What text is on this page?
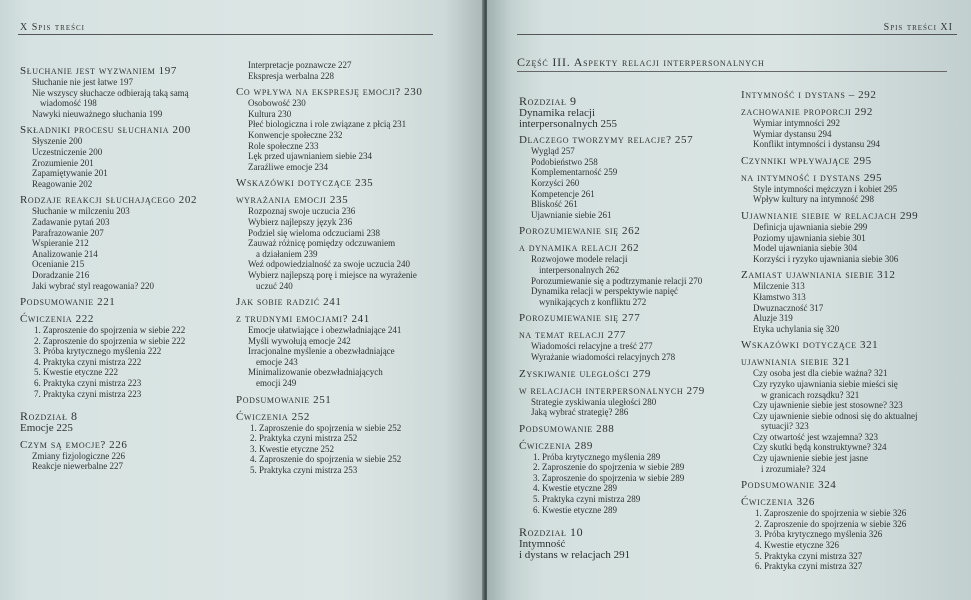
X Spis treści
Słuchanie jest wyzwaniem 197
Słuchanie nie jest łatwe 197
Nie wszyscy słuchacze odbierają taką samą
wiadomość 198
Nawyki nieuważnego słuchania 199
Składniki procesu słuchania 200
Słyszenie 200
Uczestniczenie 200
Zrozumienie 201
Zapamiętywanie 201
Reagowanie 202
Rodzaje reakcji słuchającego 202
Słuchanie w milczeniu 203
Zadawanie pytań 203
Parafrazowanie 207
Wspieranie 212
Analizowanie 214
Ocenianie 215
Doradzanie 216
Jaki wybrać styl reagowania? 220
Podsumowanie 221
Ćwiczenia 222
1. Zaproszenie do spojrzenia w siebie 222
2. Zaproszenie do spojrzenia w siebie 222
3. Próba krytycznego myślenia 222
4. Praktyka czyni mistrza 222
5. Kwestie etyczne 222
6. Praktyka czyni mistrza 223
7. Praktyka czyni mistrza 223
Rozdział 8
Emocje 225
Czym są emocje? 226
Zmiany fizjologiczne 226
Reakcje niewerbalne 227
Interpretacje poznawcze 227
Ekspresja werbalna 228
Co wpływa na ekspresję emocji? 230
Osobowość 230
Kultura 230
Płeć biologiczna i role związane z płcią 231
Konwencje społeczne 232
Role społeczne 233
Lęk przed ujawnianiem siebie 234
Zaraźliwe emocje 234
Wskazówki dotyczące 235
wyrażania emocji 235
Rozpoznaj swoje uczucia 236
Wybierz najlepszy język 236
Podziel się wieloma odczuciami 238
Zauważ różnicę pomiędzy odczuwaniem
a działaniem 239
Weź odpowiedzialność za swoje uczucia 240
Wybierz najlepszą porę i miejsce na wyrażenie
uczuć 240
Jak sobie radzić 241
z trudnymi emocjami? 241
Emocje ułatwiające i obezwładniające 241
Myśli wywołują emocje 242
Irracjonalne myślenie a obezwładniające
emocje 243
Minimalizowanie obezwładniających
emocji 249
Podsumowanie 251
Ćwiczenia 252
1. Zaproszenie do spojrzenia w siebie 252
2. Praktyka czyni mistrza 252
3. Kwestie etyczne 252
4. Zaproszenie do spojrzenia w siebie 252
5. Praktyka czyni mistrza 253
Spis treści XI
Część III. Aspekty relacji interpersonalnych
Rozdział 9
Dynamika relacji
interpersonalnych 255
Dlaczego tworzymy relacje? 257
Wygląd 257
Podobieństwo 258
Komplementarność 259
Korzyści 260
Kompetencje 261
Bliskość 261
Ujawnianie siebie 261
Porozumiewanie się 262
a dynamika relacji 262
Rozwojowe modele relacji
interpersonalnych 262
Porozumiewanie się a podtrzymanie relacji 270
Dynamika relacji w perspektywie napięć
wynikających z konfliktu 272
Porozumiewanie się 277
na temat relacji 277
Wiadomości relacyjne a treść 277
Wyrażanie wiadomości relacyjnych 278
Zyskiwanie uległości 279
w relacjach interpersonalnych 279
Strategie zyskiwania uległości 280
Jaką wybrać strategię? 286
Podsumowanie 288
Ćwiczenia 289
1. Próba krytycznego myślenia 289
2. Zaproszenie do spojrzenia w siebie 289
3. Zaproszenie do spojrzenia w siebie 289
4. Kwestie etyczne 289
5. Praktyka czyni mistrza 289
6. Kwestie etyczne 289
Rozdział 10
Intymność
i dystans w relacjach 291
Intymność i dystans – 292
zachowanie proporcji 292
Wymiar intymności 292
Wymiar dystansu 294
Konflikt intymności i dystansu 294
Czynniki wpływające 295
na intymność i dystans 295
Style intymności mężczyzn i kobiet 295
Wpływ kultury na intymność 298
Ujawnianie siebie w relacjach 299
Definicja ujawniania siebie 299
Poziomy ujawniania siebie 301
Model ujawniania siebie 304
Korzyści i ryzyko ujawniania siebie 306
Zamiast ujawniania siebie 312
Milczenie 313
Kłamstwo 313
Dwuznaczność 317
Aluzje 319
Etyka uchylania się 320
Wskazówki dotyczące 321
ujawniania siebie 321
Czy osoba jest dla ciebie ważna? 321
Czy ryzyko ujawniania siebie mieści się
w granicach rozsądku? 321
Czy ujawnienie siebie jest stosowne? 323
Czy ujawnienie siebie odnosi się do aktualnej
sytuacji? 323
Czy otwartość jest wzajemna? 323
Czy skutki będą konstruktywne? 324
Czy ujawnienie siebie jest jasne
i zrozumiałe? 324
Podsumowanie 324
Ćwiczenia 326
1. Zaproszenie do spojrzenia w siebie 326
2. Zaproszenie do spojrzenia w siebie 326
3. Próba krytycznego myślenia 326
4. Kwestie etyczne 326
5. Praktyka czyni mistrza 327
6. Praktyka czyni mistrza 327
